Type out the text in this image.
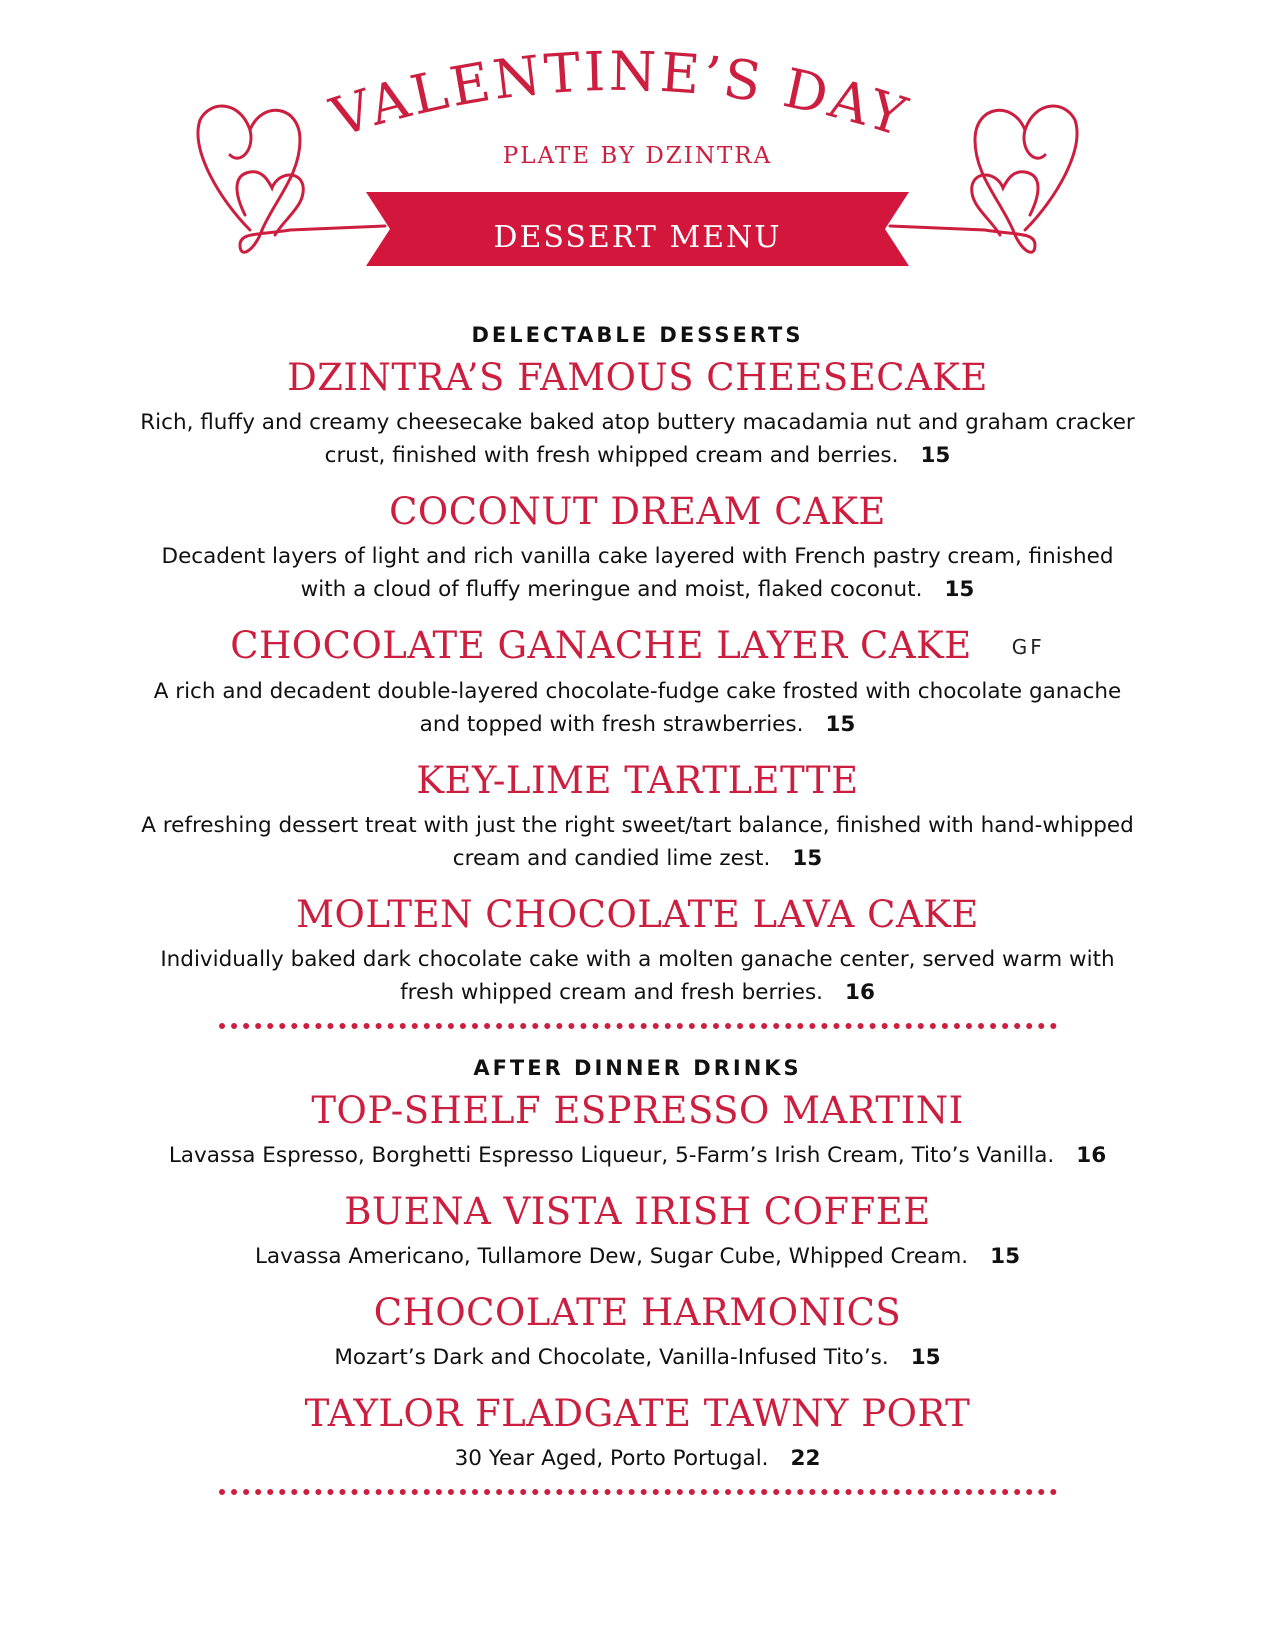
VALENTINE’S DAY
PLATE BY DZINTRA
DESSERT MENU
DELECTABLE DESSERTS
DZINTRA’S FAMOUS CHEESECAKE
Rich, fluffy and creamy cheesecake baked atop buttery macadamia nut and graham cracker crust, finished with fresh whipped cream and berries. 15
COCONUT DREAM CAKE
Decadent layers of light and rich vanilla cake layered with French pastry cream, finished with a cloud of fluffy meringue and moist, flaked coconut. 15
CHOCOLATE GANACHE LAYER CAKE GF
A rich and decadent double-layered chocolate-fudge cake frosted with chocolate ganache and topped with fresh strawberries. 15
KEY-LIME TARTLETTE
A refreshing dessert treat with just the right sweet/tart balance, finished with hand-whipped cream and candied lime zest. 15
MOLTEN CHOCOLATE LAVA CAKE
Individually baked dark chocolate cake with a molten ganache center, served warm with fresh whipped cream and fresh berries. 16
AFTER DINNER DRINKS
TOP-SHELF ESPRESSO MARTINI
Lavassa Espresso, Borghetti Espresso Liqueur, 5-Farm’s Irish Cream, Tito’s Vanilla. 16
BUENA VISTA IRISH COFFEE
Lavassa Americano, Tullamore Dew, Sugar Cube, Whipped Cream. 15
CHOCOLATE HARMONICS
Mozart’s Dark and Chocolate, Vanilla-Infused Tito’s. 15
TAYLOR FLADGATE TAWNY PORT
30 Year Aged, Porto Portugal. 22
